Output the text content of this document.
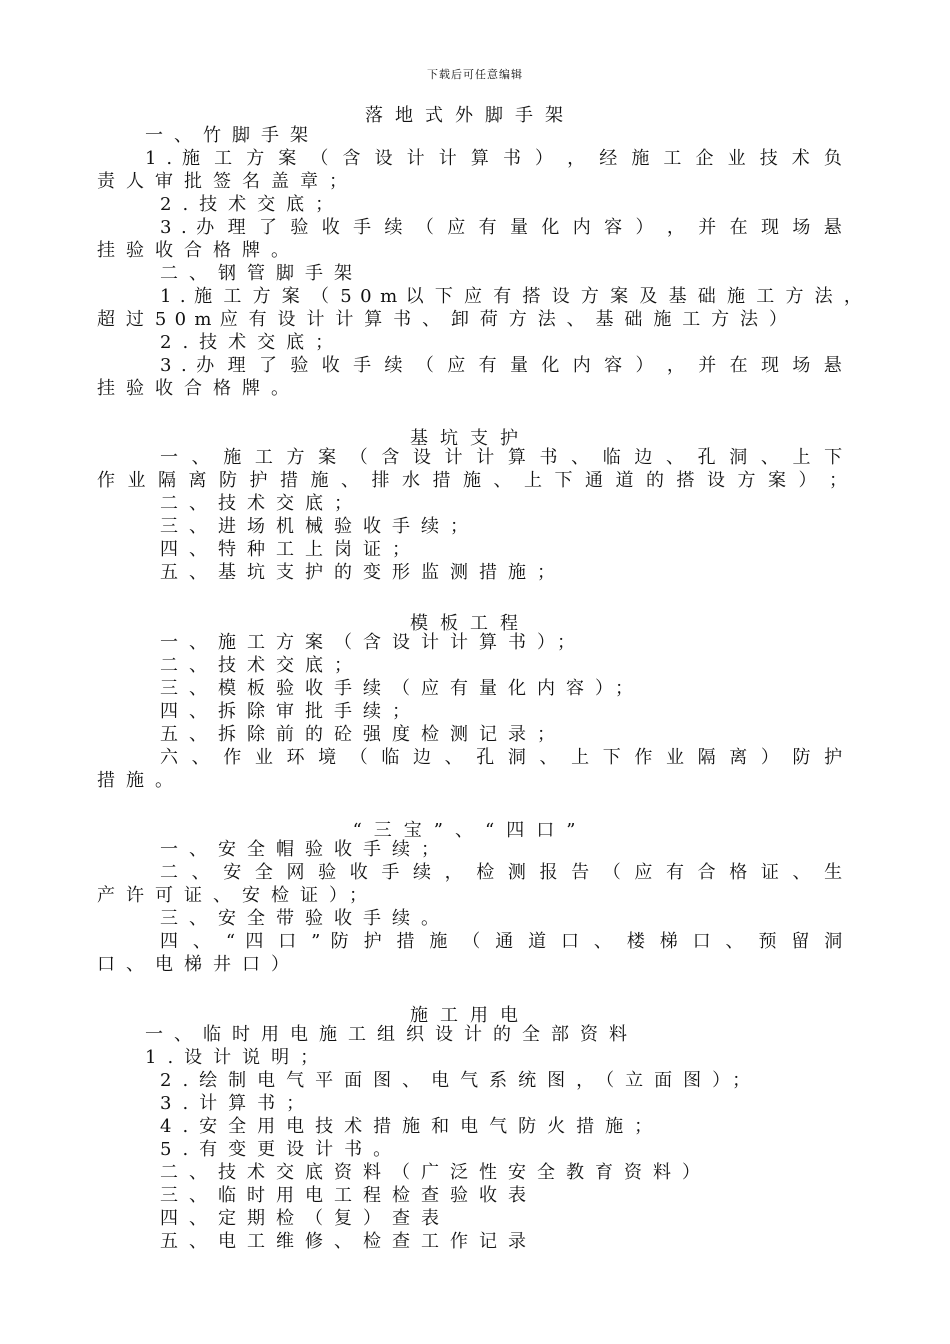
下载后可任意编辑
落地式外脚手架
一、竹脚手架
1 . 施 工 方 案 （ 含 设 计 计 算 书 ） ， 经 施 工 企 业 技 术 负
责人审批签名盖章；
2.技术交底；
3 . 办 理 了 验 收 手 续 （ 应 有 量 化 内 容 ） ， 并 在 现 场 悬
挂验收合格牌。
二、钢管脚手架
1 . 施 工 方 案 （ 5 0 m 以 下 应 有 搭 设 方 案 及 基 础 施 工 方 法 ，
超 过 5 0 m 应 有 设 计 计 算 书 、 卸 荷 方 法 、 基 础 施 工 方 法 ）
2.技术交底；
3 . 办 理 了 验 收 手 续 （ 应 有 量 化 内 容 ） ， 并 在 现 场 悬
挂验收合格牌。
基坑支护
一 、 施 工 方 案 （ 含 设 计 计 算 书 、 临 边 、 孔 洞 、 上 下
作 业 隔 离 防 护 措 施 、 排 水 措 施 、 上 下 通 道 的 搭 设 方 案 ） ；
二、技术交底；
三、进场机械验收手续；
四、特种工上岗证；
五、基坑支护的变形监测措施；
模板工程
一、施工方案（含设计计算书）；
二、技术交底；
三、模板验收手续（应有量化内容）；
四、拆除审批手续；
五、拆除前的砼强度检测记录；
六 、 作 业 环 境 （ 临 边 、 孔 洞 、 上 下 作 业 隔 离 ） 防 护
措施。
“三宝”、“四口”
一、安全帽验收手续；
二 、 安 全 网 验 收 手 续 ， 检 测 报 告 （ 应 有 合 格 证 、 生
产许可证、安检证）；
三、安全带验收手续。
四 、 “ 四 口 ” 防 护 措 施 （ 通 道 口 、 楼 梯 口 、 预 留 洞
口、电梯井口）
施工用电
一、临时用电施工组织设计的全部资料
1.设计说明；
2.绘制电气平面图、电气系统图，（立面图）；
3.计算书；
4.安全用电技术措施和电气防火措施；
5.有变更设计书。
二、技术交底资料（广泛性安全教育资料）
三、临时用电工程检查验收表
四、定期检（复）查表
五、电工维修、检查工作记录
